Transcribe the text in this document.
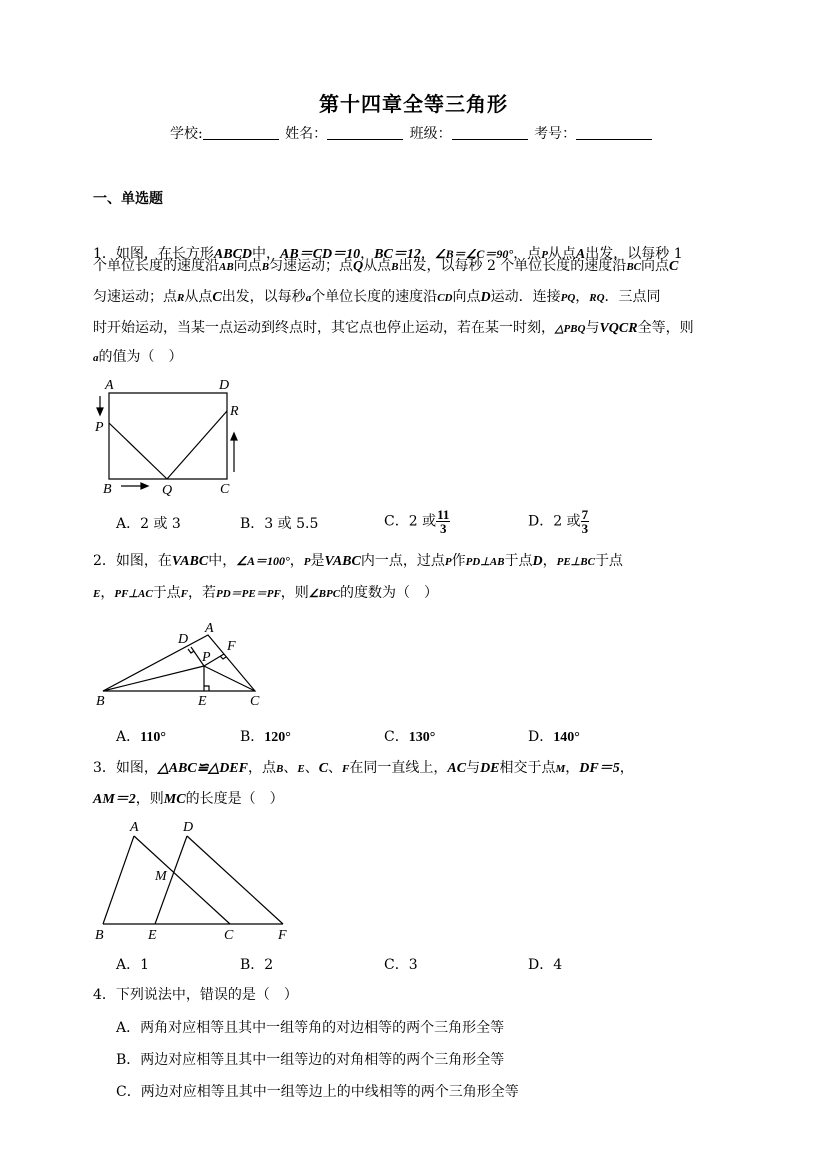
第十四章全等三角形
学校:	姓名：	班级：	考号：
一、单选题
1．如图，在长方形ABCD中，AB＝CD＝10，BC＝12，∠B＝∠C＝90°，点P从点A出发，以每秒 1
个单位长度的速度沿AB向点B匀速运动；点Q从点B出发，以每秒 2 个单位长度的速度沿BC向点C
匀速运动；点R从点C出发，以每秒a个单位长度的速度沿CD向点D运动．连接PQ，RQ．三点同
时开始运动，当某一点运动到终点时，其它点也停止运动，若在某一时刻，△PBQ与VQCR全等，则
a的值为（　）
A	D
P
R
B	Q	C
A．2 或 3	B．3 或 5.5	C．2 或 $\frac{11}{3}$	D．2 或 $\frac{7}{3}$
2．如图，在VABC中，∠A＝100°，P是VABC内一点，过点P作PD⊥AB于点D，PE⊥BC于点
E，PF⊥AC于点F，若PD＝PE＝PF，则∠BPC的度数为（　）
A
D	F
P
B	E	C
A．110°	B．120°	C．130°	D．140°
3．如图，△ABC≌△DEF，点B、E、C、F在同一直线上，AC与DE相交于点M，DF＝5，
AM＝2，则MC的长度是（　）
A	D
M
B	E	C	F
A．1	B．2	C．3	D．4
4．下列说法中，错误的是（　）
A．两角对应相等且其中一组等角的对边相等的两个三角形全等
B．两边对应相等且其中一组等边的对角相等的两个三角形全等
C．两边对应相等且其中一组等边上的中线相等的两个三角形全等
